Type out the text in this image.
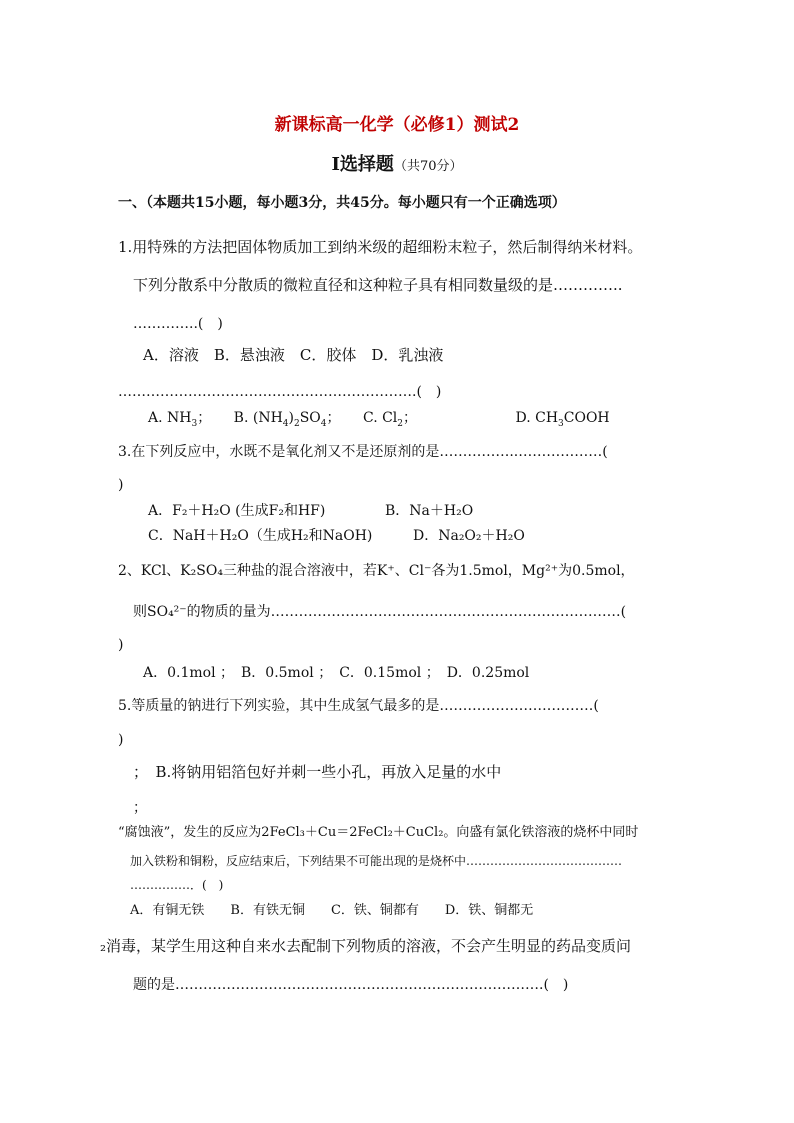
新课标高一化学（必修1）测试2
Ⅰ选择题（共70分）
一、（本题共15小题，每小题3分，共45分。每小题只有一个正确选项）
1.用特殊的方法把固体物质加工到纳米级的超细粉末粒子，然后制得纳米材料。
下列分散系中分散质的微粒直径和这种粒子具有相同数量级的是…………..
…………..(　)
A．溶液　B．悬浊液　C．胶体　D．乳浊液
……………………………………………………….(　)
A. $NH_3$； B. $(NH_4)_2SO_4$； C. $Cl_2$；	D. $CH_3COOH$
3.在下列反应中，水既不是氧化剂又不是还原剂的是……………..………………(
)
A．F₂＋H₂O (生成F₂和HF)	B．Na＋H₂O
C．NaH＋H₂O（生成H₂和NaOH)	D．Na₂O₂＋H₂O
2、KCl、K₂SO₄三种盐的混合溶液中，若K⁺、Cl⁻各为1.5mol，Mg²⁺为0.5mol，
则SO₄²⁻的物质的量为…………………………………………………………………(
)
A．0.1mol ；　B．0.5mol ；　C．0.15mol ；　D．0.25mol
5.等质量的钠进行下列实验，其中生成氢气最多的是……………………………(
)
；　B.将钠用铝箔包好并刺一些小孔，再放入足量的水中
；
“腐蚀液”，发生的反应为2FeCl₃＋Cu＝2FeCl₂＋CuCl₂。向盛有氯化铁溶液的烧杯中同时
加入铁粉和铜粉，反应结束后，下列结果不可能出现的是烧杯中…………………………………
……………．(　)
A．有铜无铁　　B．有铁无铜　　C．铁、铜都有　　D．铁、铜都无
₂消毒，某学生用这种自来水去配制下列物质的溶液，不会产生明显的药品变质问
题的是…………………………………………………………………….(　)
